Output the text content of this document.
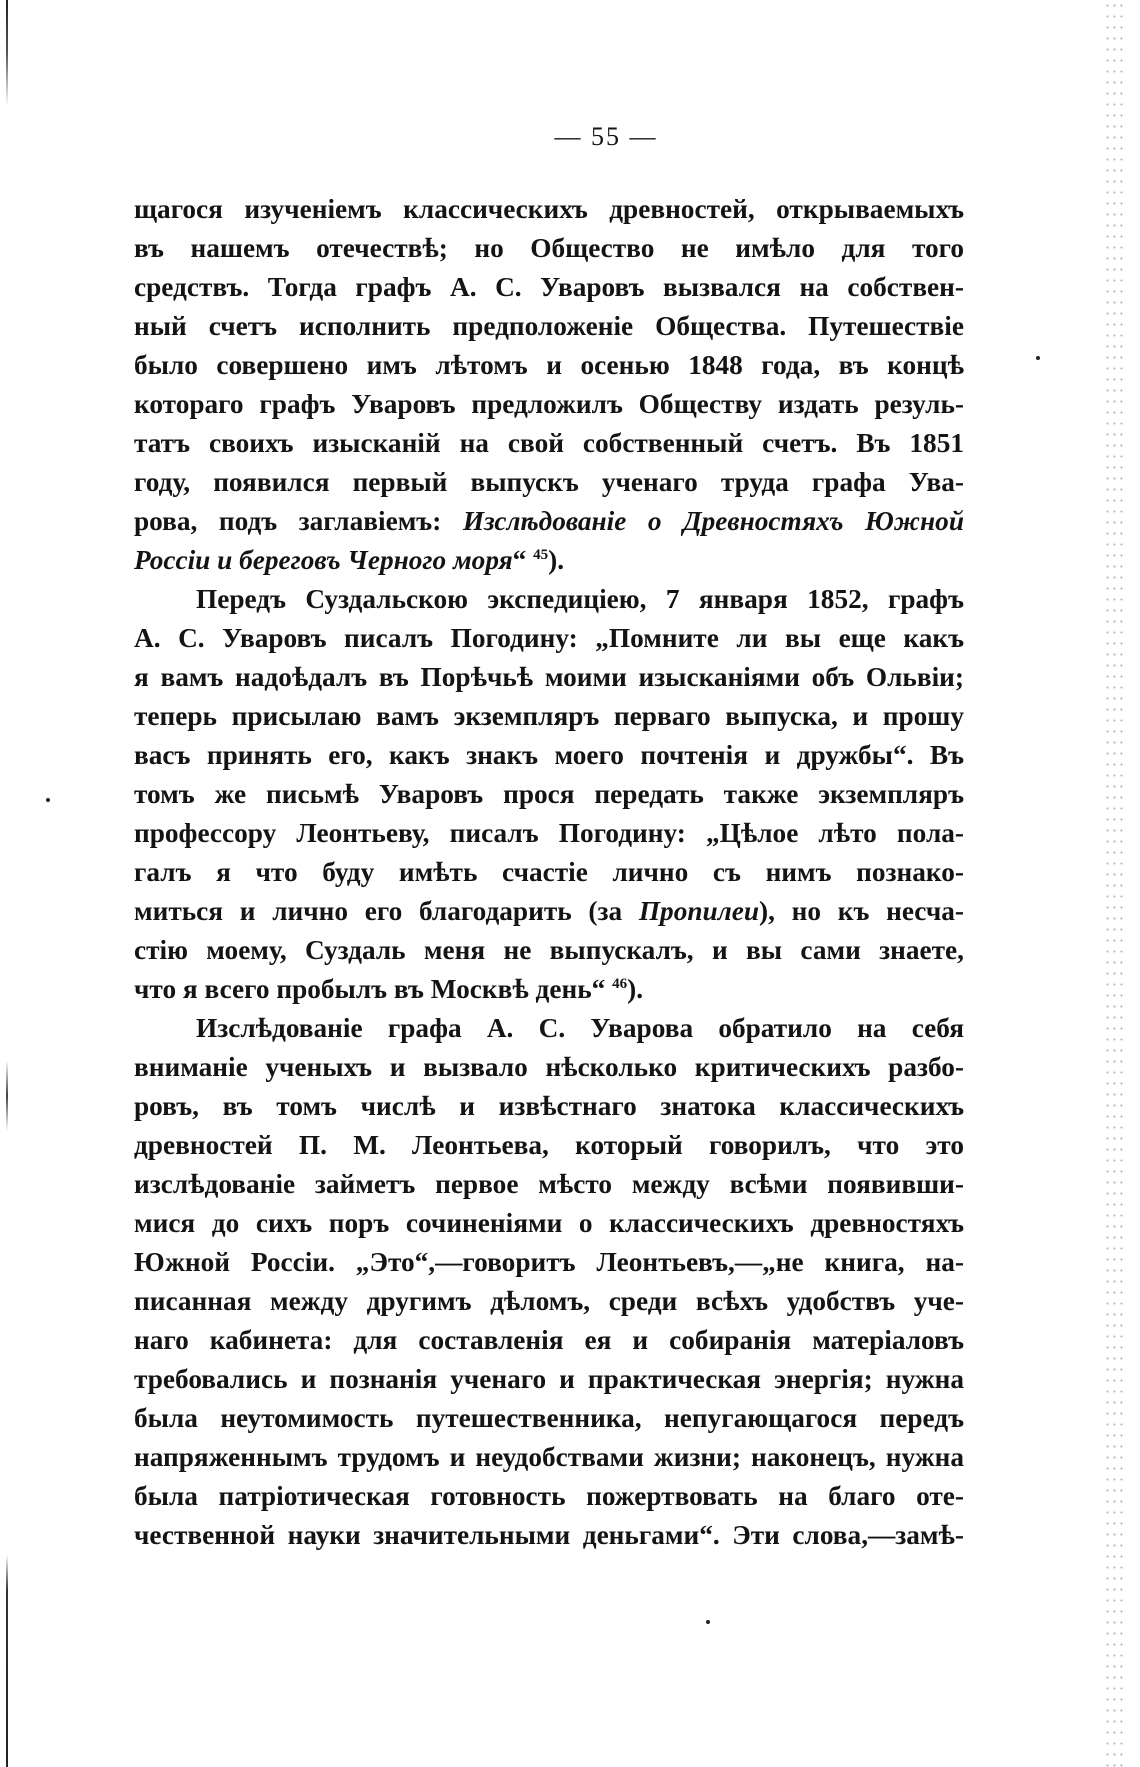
— 55 —
щагося изученіемъ классическихъ древностей, открываемыхъ
въ нашемъ отечествѣ; но Общество не имѣло для того
средствъ. Тогда графъ А. С. Уваровъ вызвался на собствен-
ный счетъ исполнить предположеніе Общества. Путешествіе
было совершено имъ лѣтомъ и осенью 1848 года, въ концѣ
котораго графъ Уваровъ предложилъ Обществу издать резуль-
татъ своихъ изысканій на свой собственный счетъ. Въ 1851
году, появился первый выпускъ ученаго труда графа Ува-
рова, подъ заглавіемъ: Изслѣдованіе о Древностяхъ Южной
Россіи и береговъ Черного моря“ $^{45}$).
Передъ Суздальскою экспедиціею, 7 января 1852, графъ
А. С. Уваровъ писалъ Погодину: „Помните ли вы еще какъ
я вамъ надоѣдалъ въ Порѣчьѣ моими изысканіями объ Ольвіи;
теперь присылаю вамъ экземпляръ перваго выпуска, и прошу
васъ принять его, какъ знакъ моего почтенія и дружбы“. Въ
томъ же письмѣ Уваровъ прося передать также экземпляръ
профессору Леонтьеву, писалъ Погодину: „Цѣлое лѣто пола-
галъ я что буду имѣть счастіе лично съ нимъ познако-
миться и лично его благодарить (за Пропилеи), но къ несча-
стію моему, Суздаль меня не выпускалъ, и вы сами знаете,
что я всего пробылъ въ Москвѣ день“ $^{46}$).
Изслѣдованіе графа А. С. Уварова обратило на себя
вниманіе ученыхъ и вызвало нѣсколько критическихъ разбо-
ровъ, въ томъ числѣ и извѣстнаго знатока классическихъ
древностей П. М. Леонтьева, который говорилъ, что это
изслѣдованіе займетъ первое мѣсто между всѣми появивши-
мися до сихъ поръ сочиненіями о классическихъ древностяхъ
Южной Россіи. „Это“,—говоритъ Леонтьевъ,—„не книга, на-
писанная между другимъ дѣломъ, среди всѣхъ удобствъ уче-
наго кабинета: для составленія ея и собиранія матеріаловъ
требовались и познанія ученаго и практическая энергія; нужна
была неутомимость путешественника, непугающагося передъ
напряженнымъ трудомъ и неудобствами жизни; наконецъ, нужна
была патріотическая готовность пожертвовать на благо оте-
чественной науки значительными деньгами“. Эти слова,—замѣ-
